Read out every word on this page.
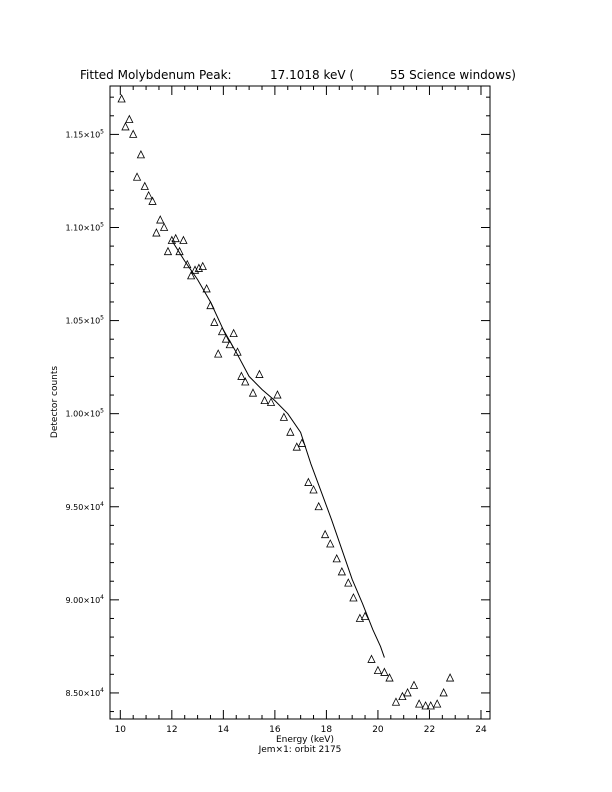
10	12	14	16	18	20	22	24
$8.50\times 10^4$
$9.00\times 10^4$
$9.50\times 10^4$
$1.00\times 10^5$
$1.05\times 10^5$
$1.10\times 10^5$
$1.15\times 10^5$
Energy (keV)
Jem×1: orbit 2175
Detector counts
Fitted Molybdenum Peak:	17.1018 keV (	55 Science windows)
